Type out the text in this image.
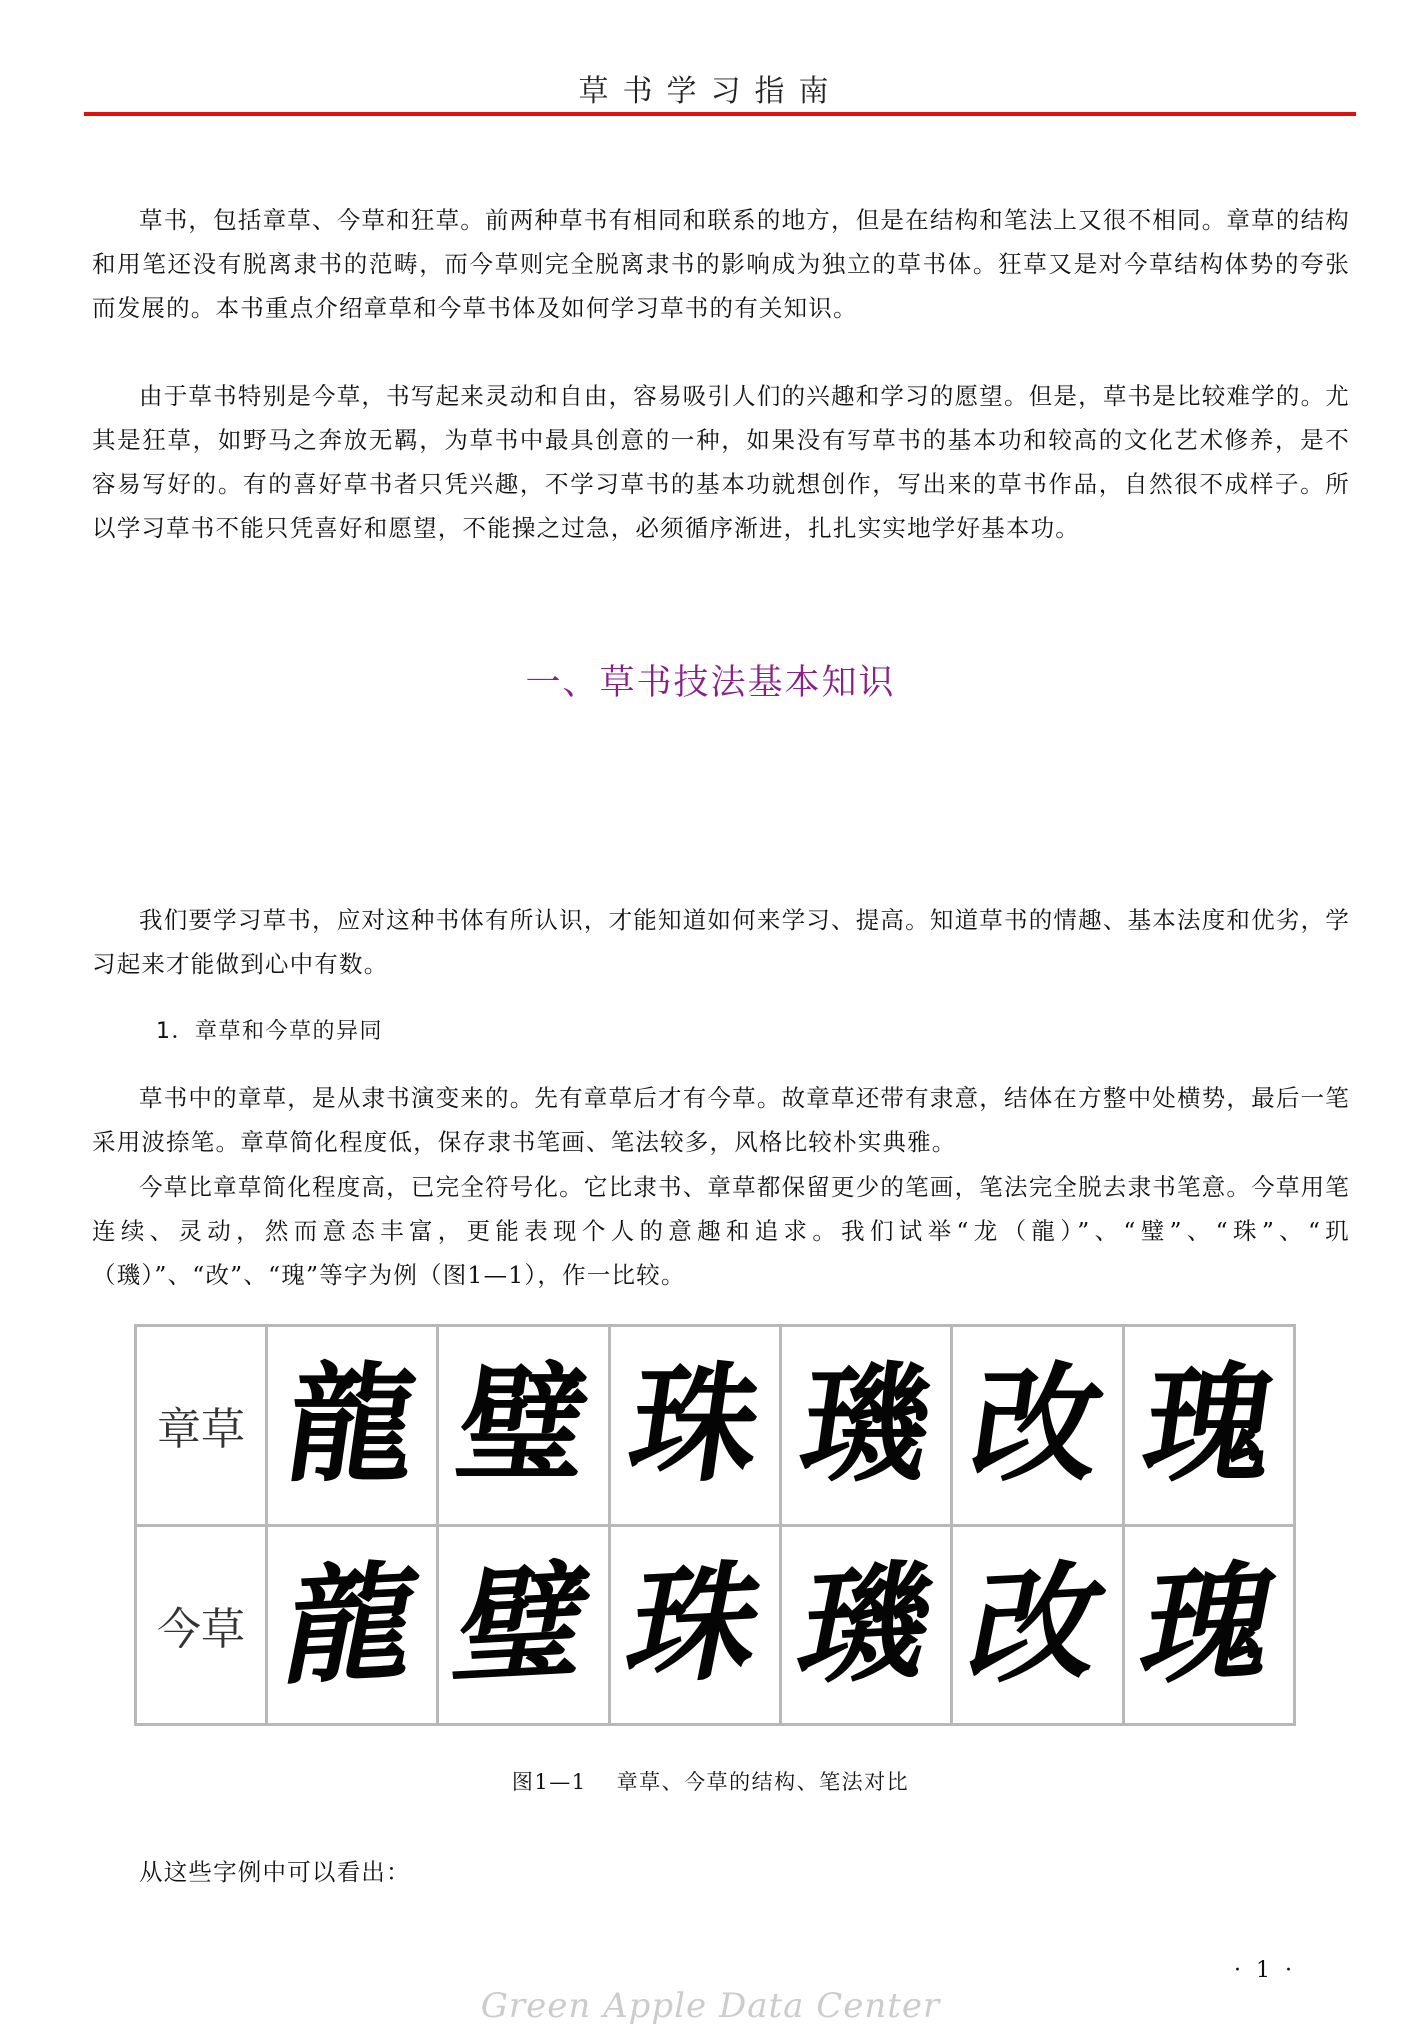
草书学习指南

草书，包括章草、今草和狂草。前两种草书有相同和联系的地方，但是在结构和笔法上又很不相同。章草的结构和用笔还没有脱离隶书的范畴，而今草则完全脱离隶书的影响成为独立的草书体。狂草又是对今草结构体势的夸张而发展的。本书重点介绍章草和今草书体及如何学习草书的有关知识。

由于草书特别是今草，书写起来灵动和自由，容易吸引人们的兴趣和学习的愿望。但是，草书是比较难学的。尤其是狂草，如野马之奔放无羁，为草书中最具创意的一种，如果没有写草书的基本功和较高的文化艺术修养，是不容易写好的。有的喜好草书者只凭兴趣，不学习草书的基本功就想创作，写出来的草书作品，自然很不成样子。所以学习草书不能只凭喜好和愿望，不能操之过急，必须循序渐进，扎扎实实地学好基本功。

一、草书技法基本知识

我们要学习草书，应对这种书体有所认识，才能知道如何来学习、提高。知道草书的情趣、基本法度和优劣，学习起来才能做到心中有数。

1．章草和今草的异同

草书中的章草，是从隶书演变来的。先有章草后才有今草。故章草还带有隶意，结体在方整中处横势，最后一笔采用波捺笔。章草简化程度低，保存隶书笔画、笔法较多，风格比较朴实典雅。

今草比章草简化程度高，已完全符号化。它比隶书、章草都保留更少的笔画，笔法完全脱去隶书笔意。今草用笔连续、灵动，然而意态丰富，更能表现个人的意趣和追求。我们试举“龙（龍）”、“璧”、“珠”、“玑（璣）”、“改”、“瑰”等字为例（图1—1），作一比较。

章草	龍	璧	珠	璣	改	瑰
今草	龍	璧	珠	璣	改	瑰
图1—1 章草、今草的结构、笔法对比

从这些字例中可以看出：

· 1 ·
Green Apple Data Center
